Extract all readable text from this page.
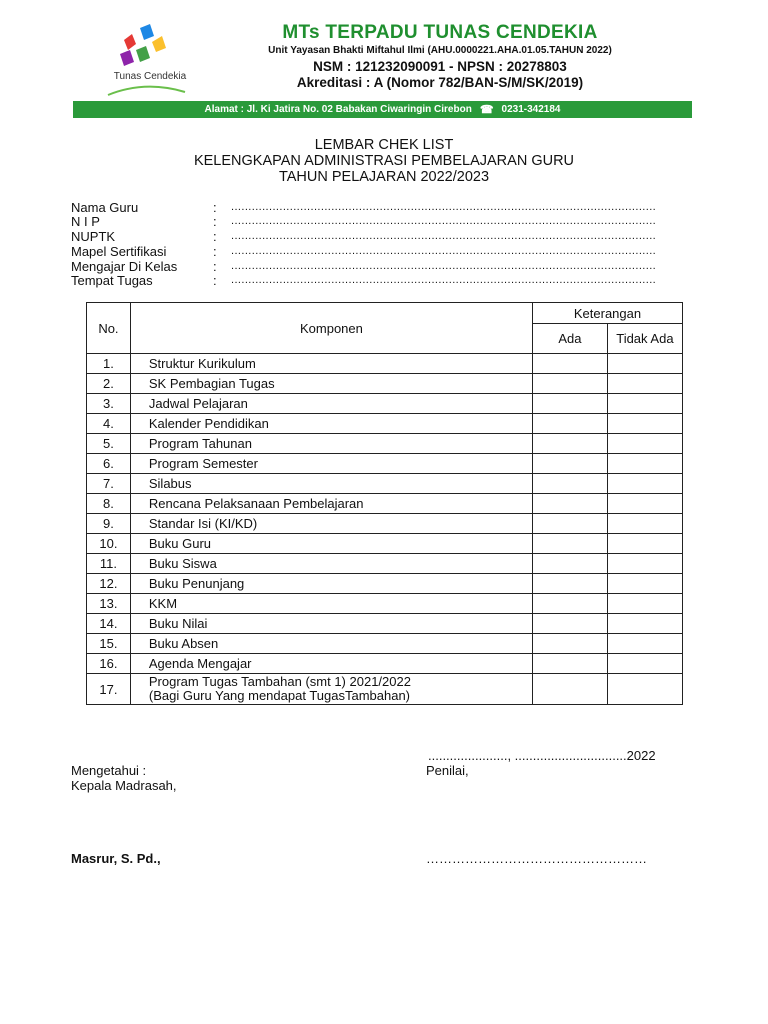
Tunas Cendekia
MTs TERPADU TUNAS CENDEKIA
Unit Yayasan Bhakti Miftahul Ilmi (AHU.0000221.AHA.01.05.TAHUN 2022)
NSM : 121232090091 - NPSN : 20278803
Akreditasi : A (Nomor 782/BAN-S/M/SK/2019)
Alamat : Jl. Ki Jatira No. 02 Babakan Ciwaringin Cirebon ☎ 0231-342184
LEMBAR CHEK LIST
KELENGKAPAN ADMINISTRASI PEMBELAJARAN GURU
TAHUN PELAJARAN 2022/2023
Nama Guru	:	...........................................................................................................................
N I P	:	...........................................................................................................................
NUPTK	:	...........................................................................................................................
Mapel Sertifikasi	:	...........................................................................................................................
Mengajar Di Kelas	:	...........................................................................................................................
Tempat Tugas	:	...........................................................................................................................
No.	Komponen	Keterangan	
		Ada	Tidak Ada
1.	Struktur Kurikulum		
2.	SK Pembagian Tugas		
3.	Jadwal Pelajaran		
4.	Kalender Pendidikan		
5.	Program Tahunan		
6.	Program Semester		
7.	Silabus		
8.	Rencana Pelaksanaan Pembelajaran		
9.	Standar Isi (KI/KD)		
10.	Buku Guru		
11.	Buku Siswa		
12.	Buku Penunjang		
13.	KKM		
14.	Buku Nilai		
15.	Buku Absen		
16.	Agenda Mengajar		
17.	Program Tugas Tambahan (smt 1) 2021/2022
(Bagi Guru Yang mendapat TugasTambahan)		

......................, ...............................2022
Mengetahui :	Penilai,
Kepala Madrasah,
Masrur, S. Pd.,	……………………………………………
